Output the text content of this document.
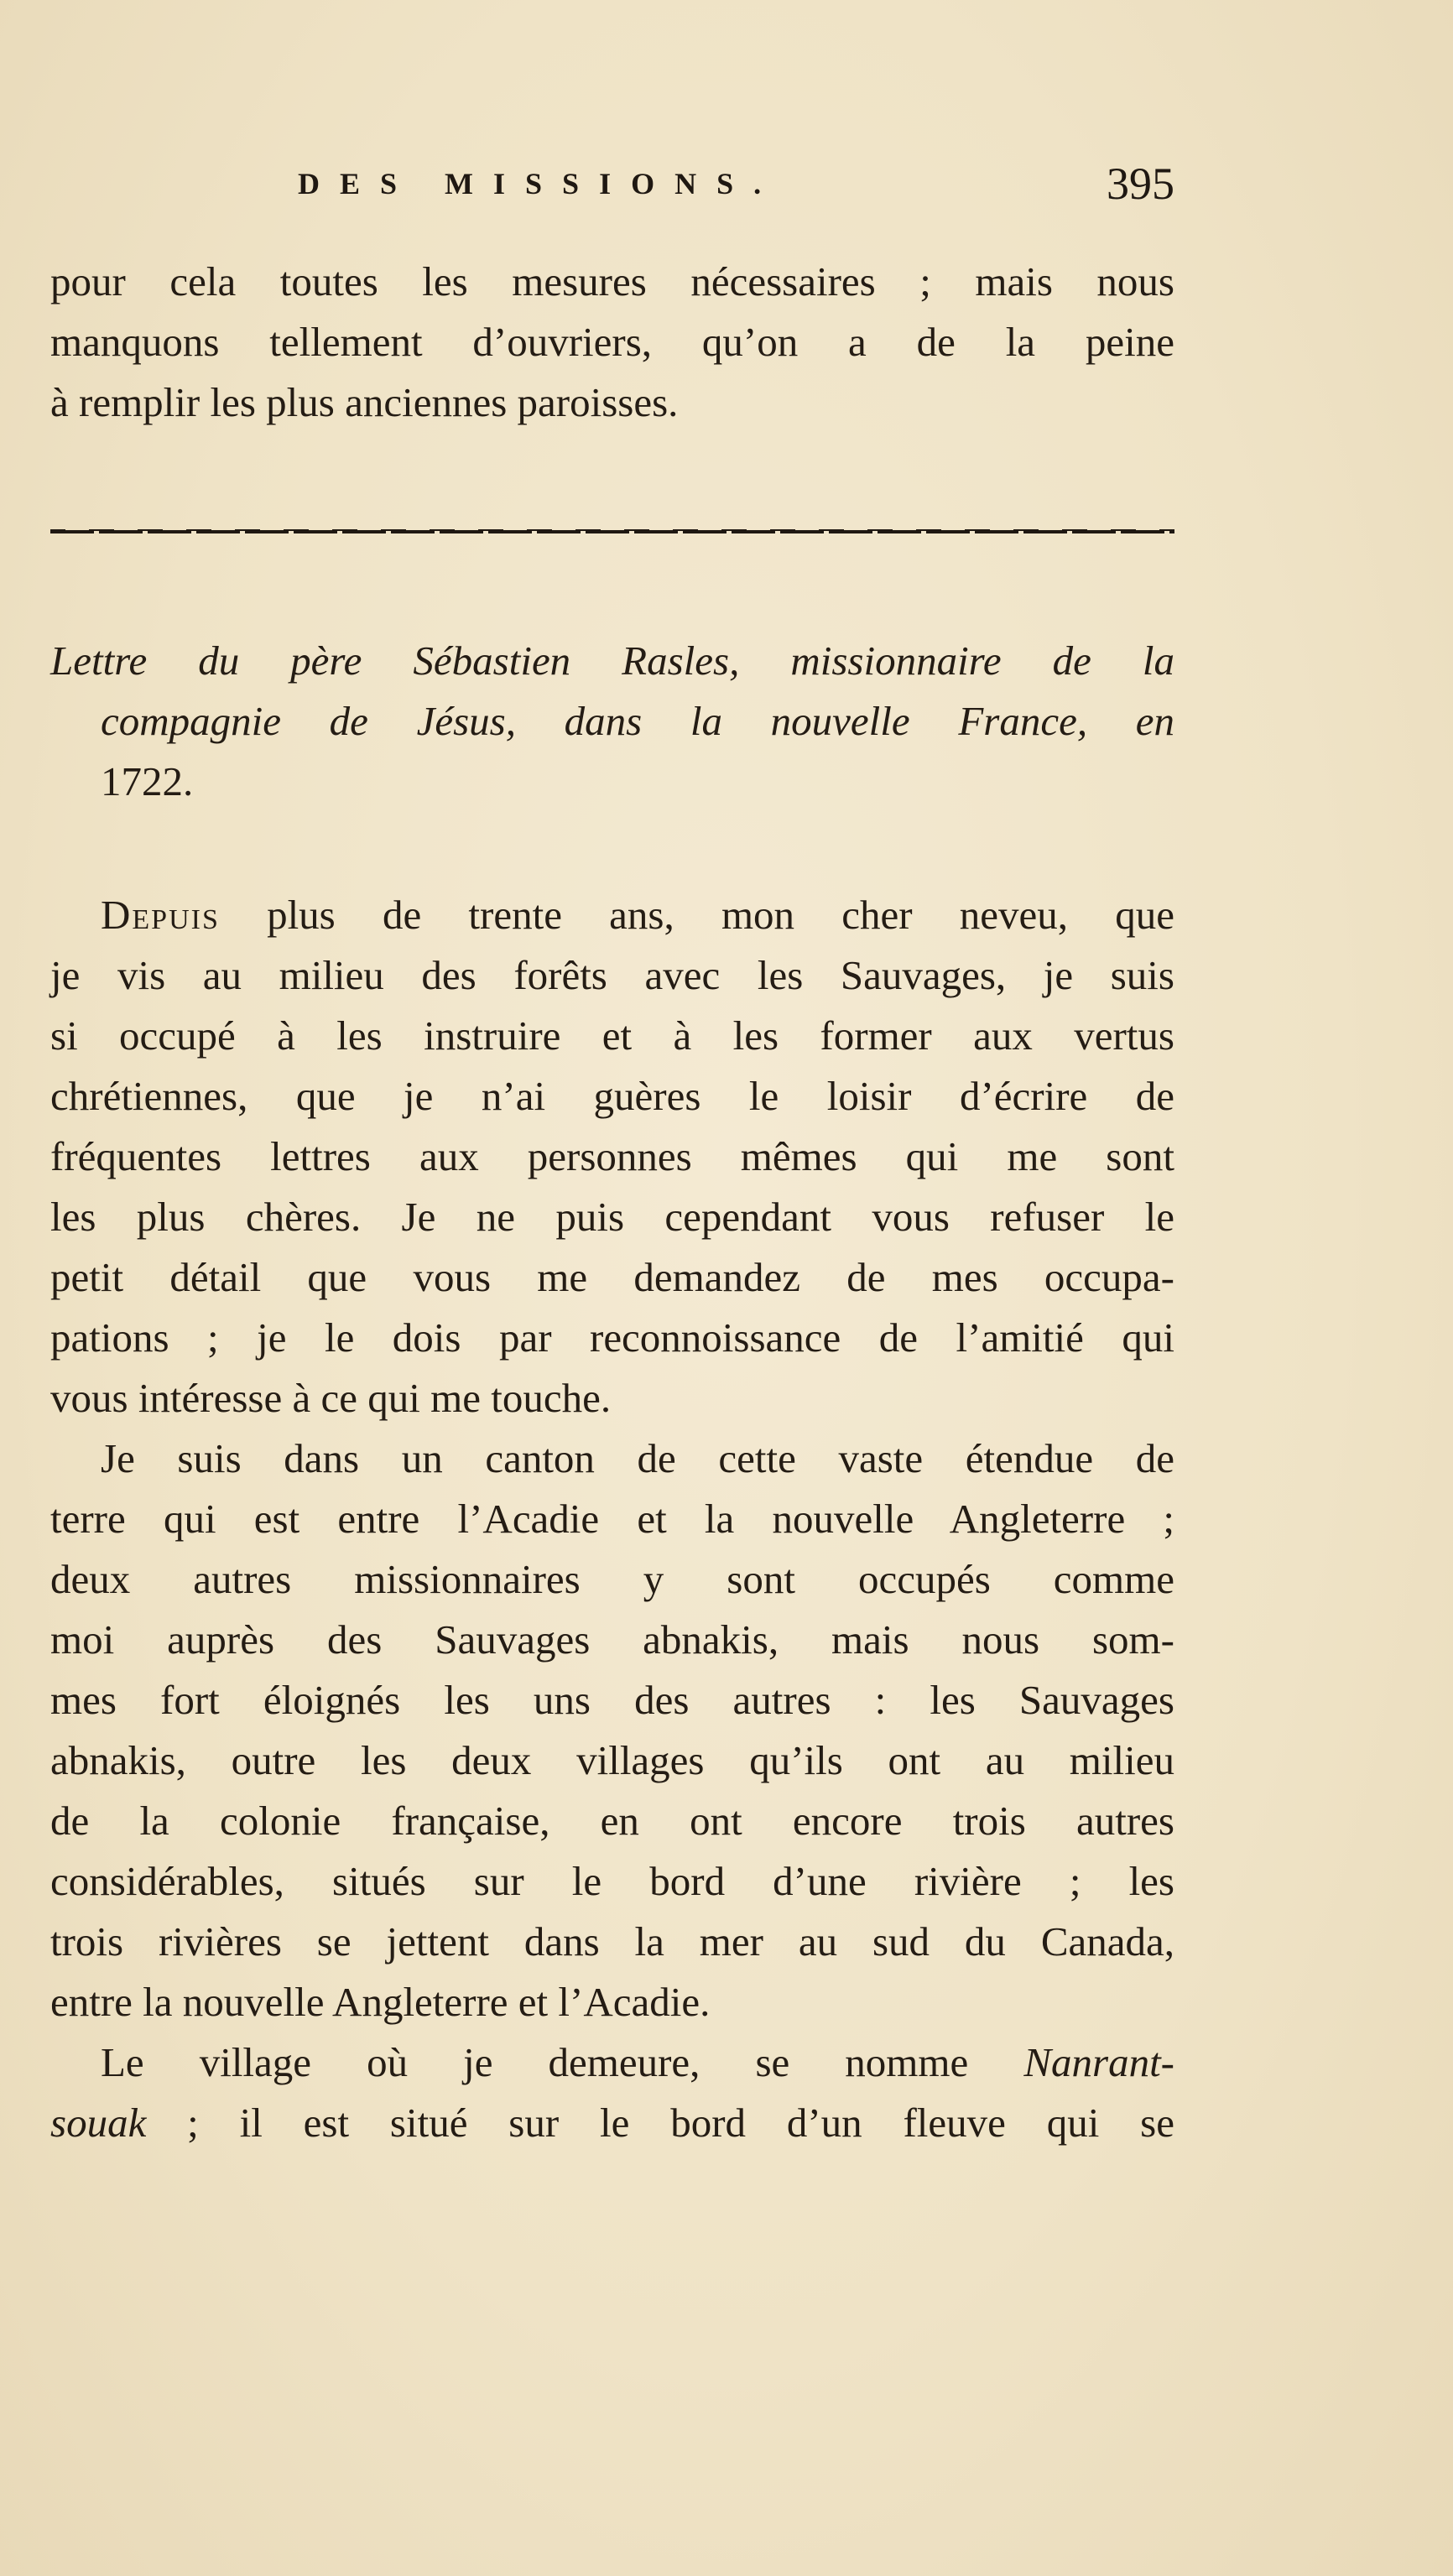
DES MISSIONS.	395
pour cela toutes les mesures nécessaires ; mais nous
manquons tellement d’ouvriers, qu’on a de la peine
à remplir les plus anciennes paroisses.
Lettre du père Sébastien Rasles, missionnaire de la
compagnie de Jésus, dans la nouvelle France, en
1722.
Depuis plus de trente ans, mon cher neveu, que
je vis au milieu des forêts avec les Sauvages, je suis
si occupé à les instruire et à les former aux vertus
chrétiennes, que je n’ai guères le loisir d’écrire de
fréquentes lettres aux personnes mêmes qui me sont
les plus chères. Je ne puis cependant vous refuser le
petit détail que vous me demandez de mes occupa-
pations ; je le dois par reconnoissance de l’amitié qui
vous intéresse à ce qui me touche.
Je suis dans un canton de cette vaste étendue de
terre qui est entre l’Acadie et la nouvelle Angleterre ;
deux autres missionnaires y sont occupés comme
moi auprès des Sauvages abnakis, mais nous som-
mes fort éloignés les uns des autres : les Sauvages
abnakis, outre les deux villages qu’ils ont au milieu
de la colonie française, en ont encore trois autres
considérables, situés sur le bord d’une rivière ; les
trois rivières se jettent dans la mer au sud du Canada,
entre la nouvelle Angleterre et l’Acadie.
Le village où je demeure, se nomme Nanrant-
souak ; il est situé sur le bord d’un fleuve qui se
